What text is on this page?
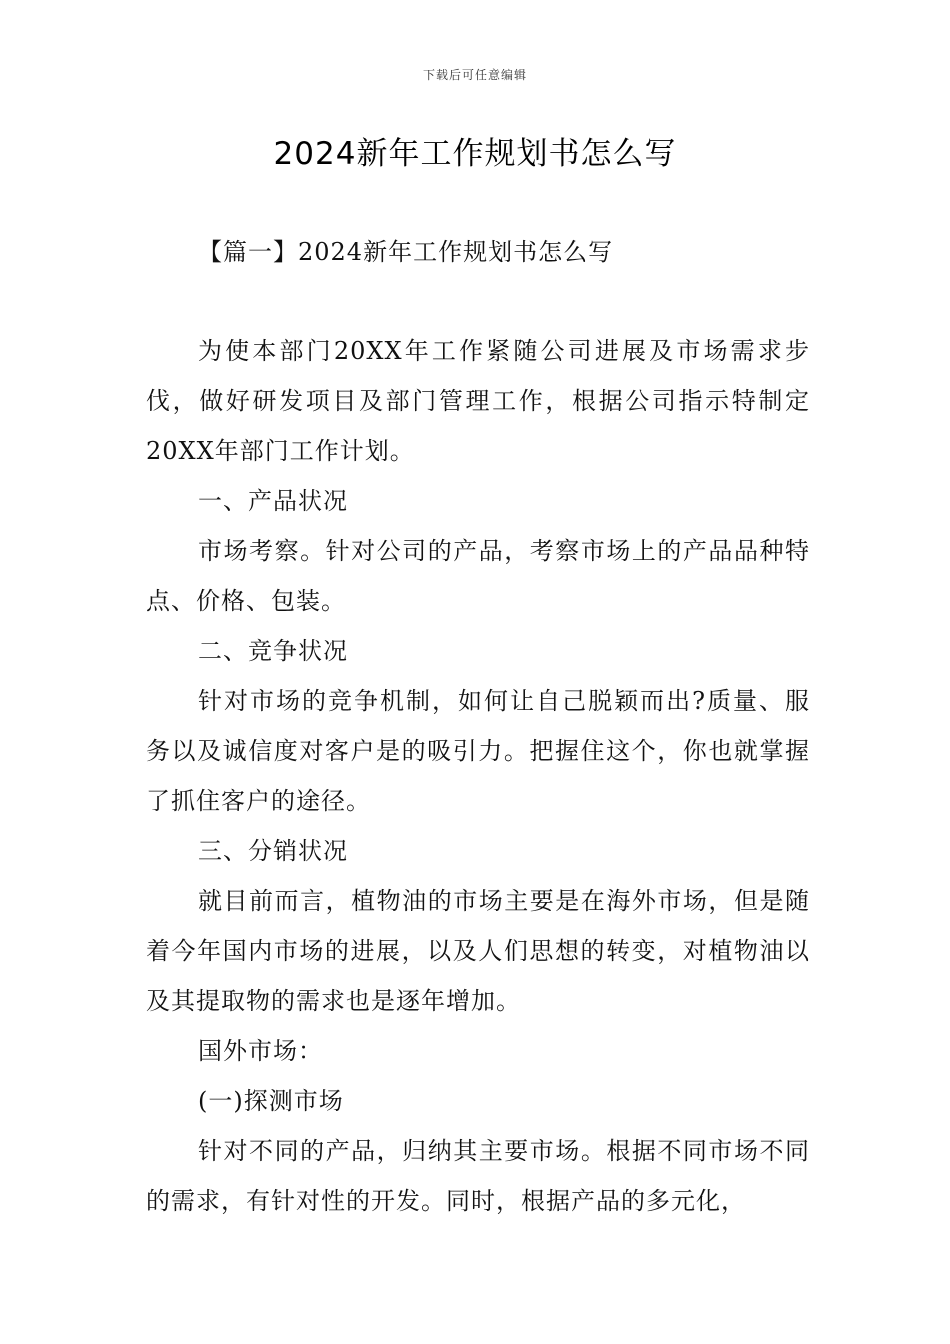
下载后可任意编辑
2024新年工作规划书怎么写
【篇一】2024新年工作规划书怎么写

为使本部门20XX年工作紧随公司进展及市场需求步伐，做好研发项目及部门管理工作，根据公司指示特制定20XX年部门工作计划。

一、产品状况

市场考察。针对公司的产品，考察市场上的产品品种特点、价格、包装。

二、竞争状况

针对市场的竞争机制，如何让自己脱颖而出?质量、服务以及诚信度对客户是的吸引力。把握住这个，你也就掌握了抓住客户的途径。

三、分销状况

就目前而言，植物油的市场主要是在海外市场，但是随着今年国内市场的进展，以及人们思想的转变，对植物油以及其提取物的需求也是逐年增加。

国外市场：

(一)探测市场

针对不同的产品，归纳其主要市场。根据不同市场不同的需求，有针对性的开发。同时，根据产品的多元化，
